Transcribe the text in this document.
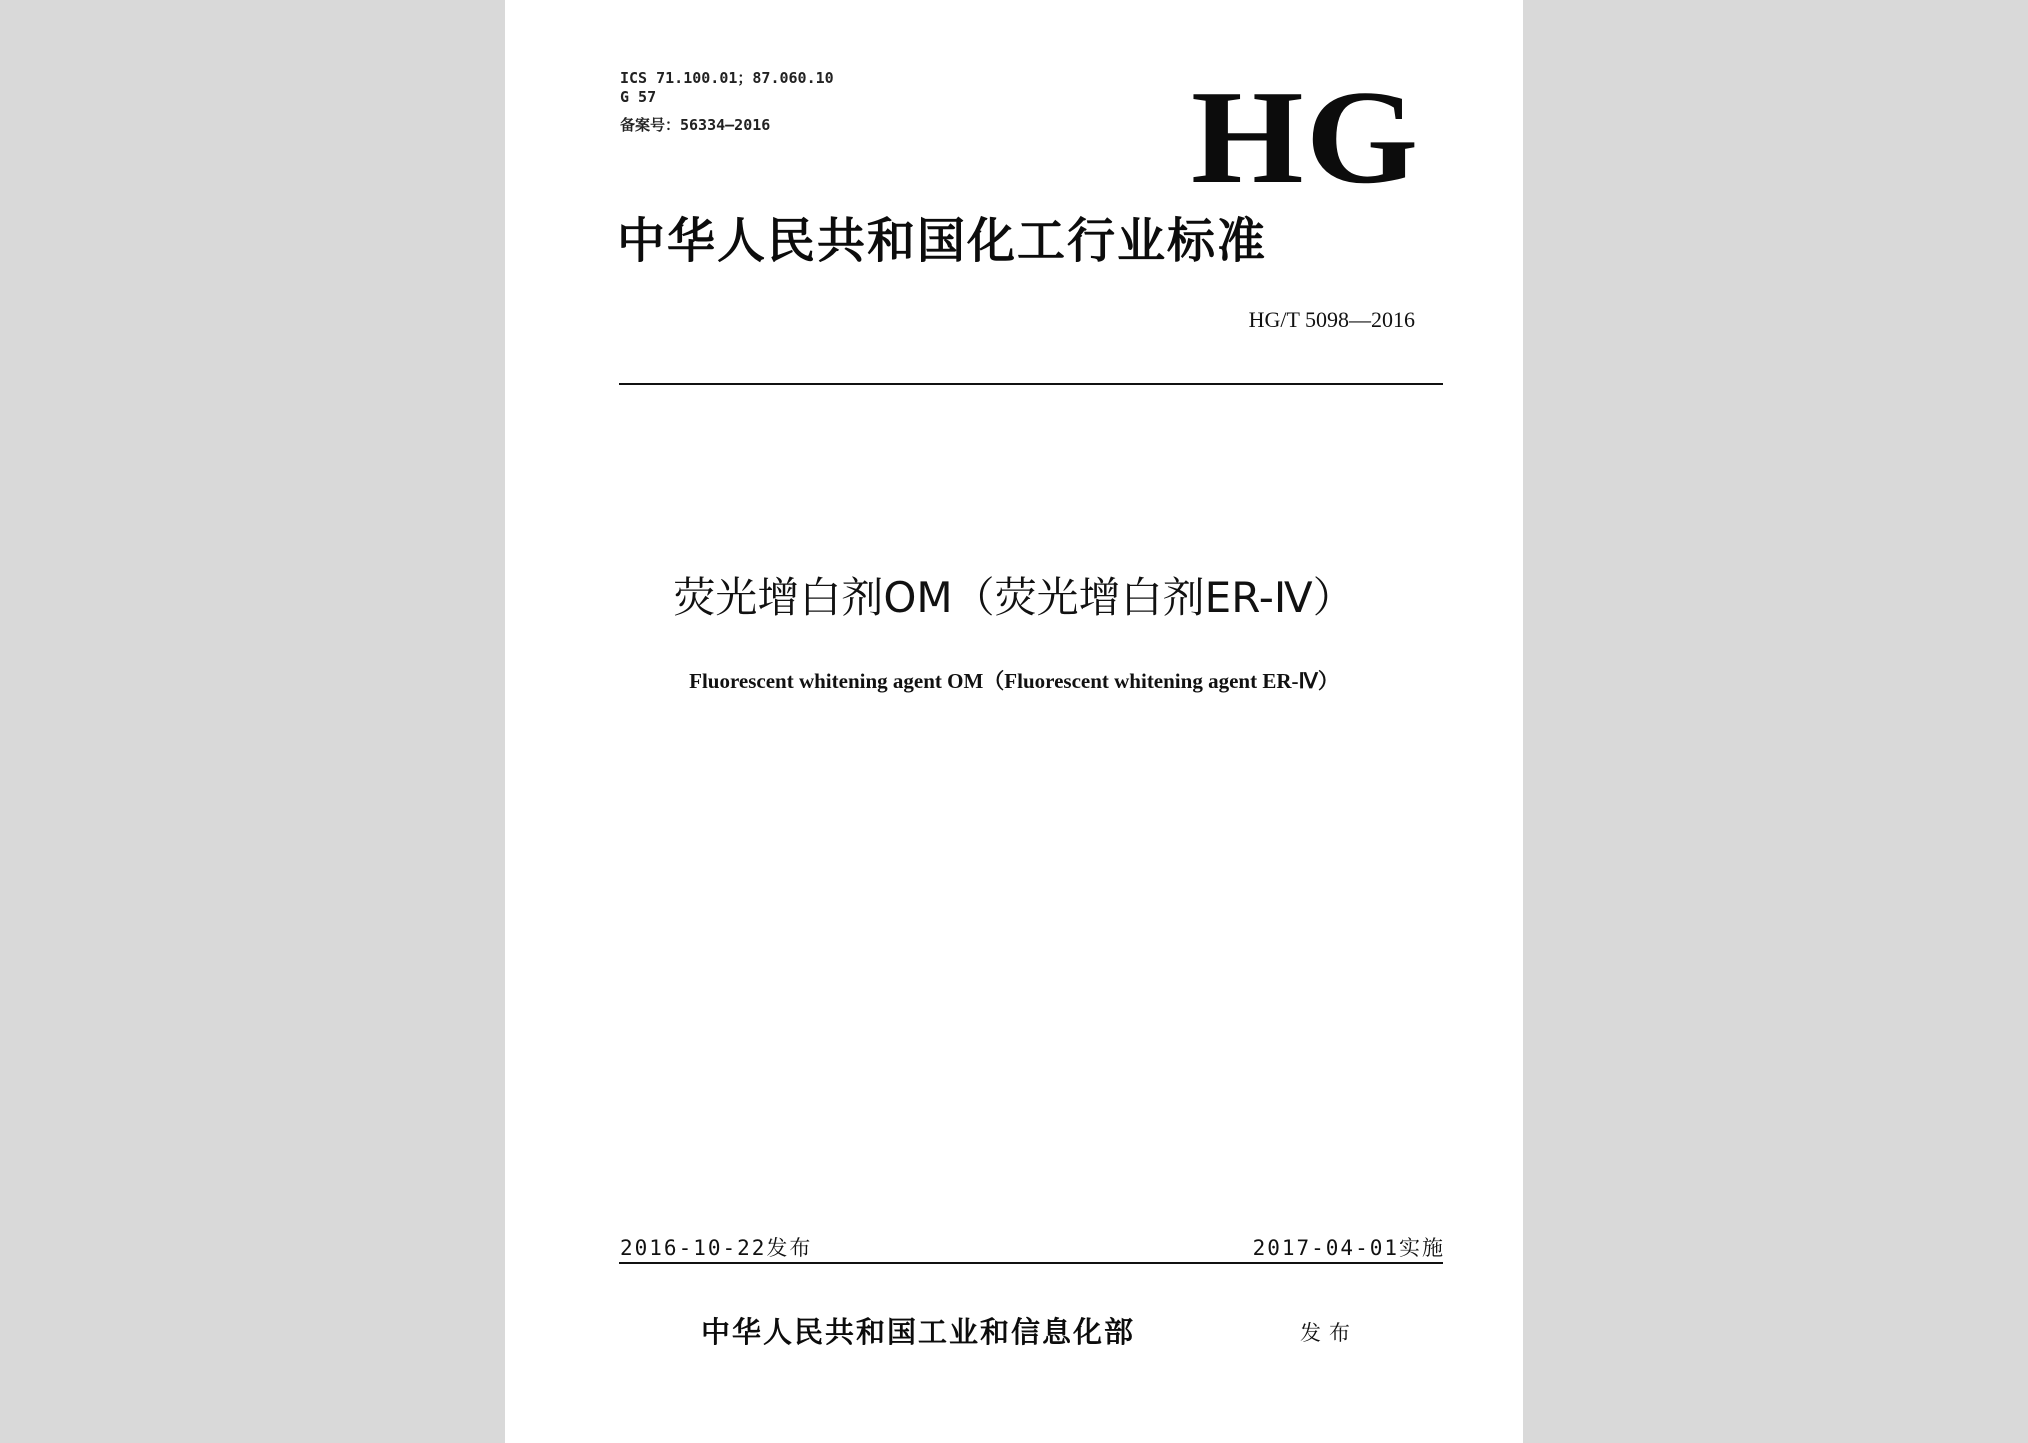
ICS 71.100.01；87.060.10
G 57
备案号：56334—2016	HG
中华人民共和国化工行业标准
HG/T 5098—2016
荧光增白剂OM（荧光增白剂ER-Ⅳ）
Fluorescent whitening agent OM（Fluorescent whitening agent ER-Ⅳ）
2016-10-22发布	2017-04-01实施
中华人民共和国工业和信息化部	发布
